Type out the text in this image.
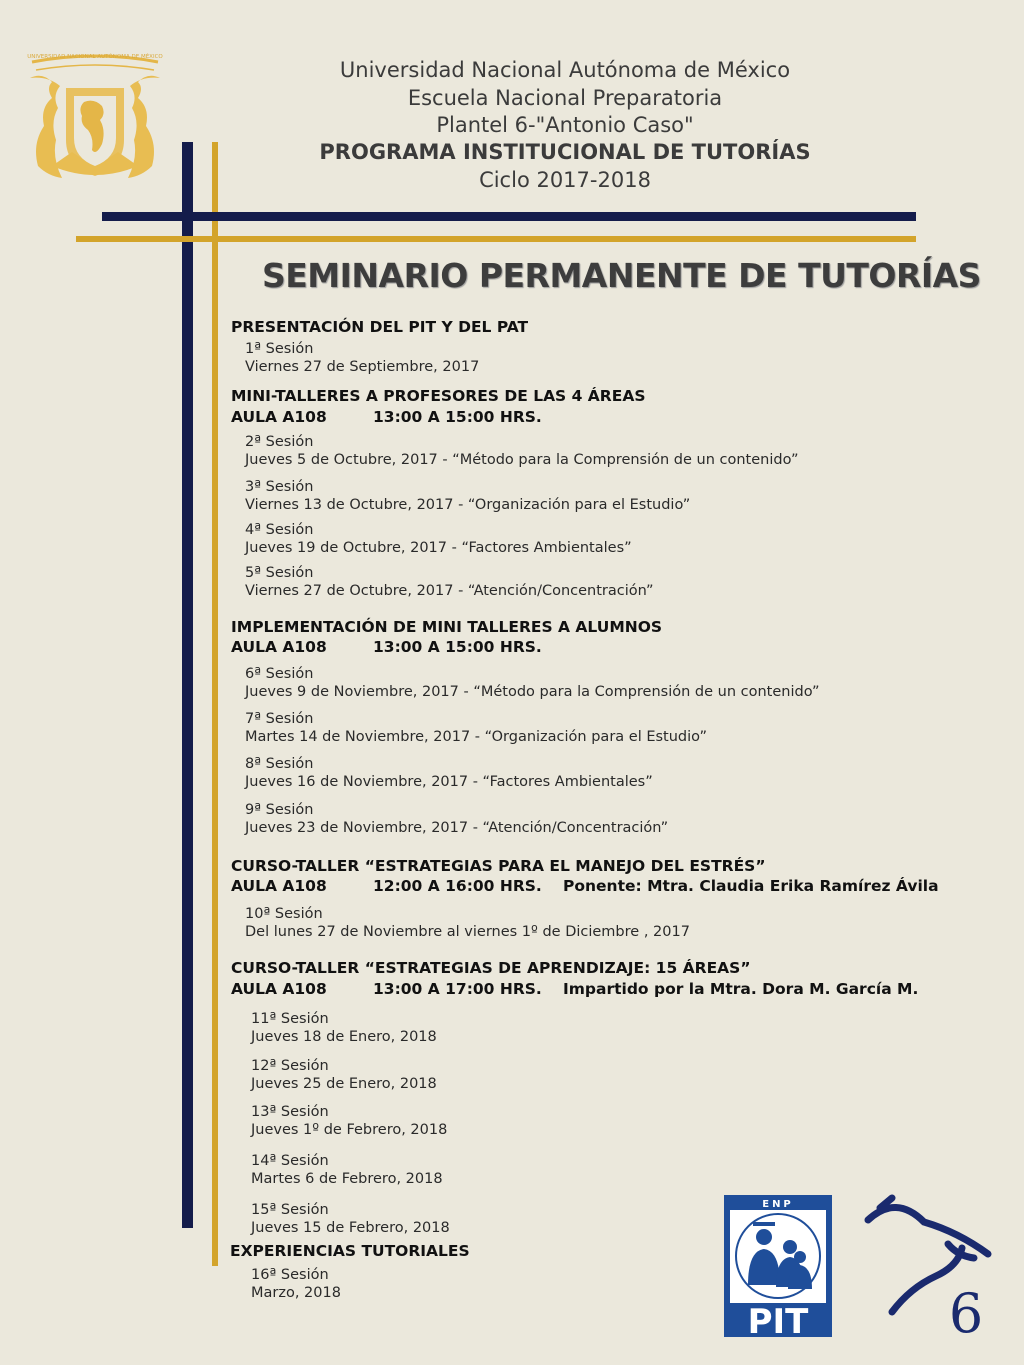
UNIVERSIDAD NACIONAL AUTÓNOMA DE MÉXICO
Universidad Nacional Autónoma de México
Escuela Nacional Preparatoria
Plantel 6-"Antonio Caso"
PROGRAMA INSTITUCIONAL DE TUTORÍAS
Ciclo 2017-2018
SEMINARIO PERMANENTE DE TUTORÍAS
PRESENTACIÓN DEL PIT Y DEL PAT
1ª Sesión
Viernes 27 de Septiembre, 2017
MINI-TALLERES A PROFESORES DE LAS 4 ÁREAS
AULA A108	13:00 A 15:00 HRS.
2ª Sesión
Jueves 5 de Octubre, 2017 - “Método para la Comprensión de un contenido”
3ª Sesión
Viernes 13 de Octubre, 2017 - “Organización para el Estudio”
4ª Sesión
Jueves 19 de Octubre, 2017 - “Factores Ambientales”
5ª Sesión
Viernes 27 de Octubre, 2017 - “Atención/Concentración”
IMPLEMENTACIÓN DE MINI TALLERES A ALUMNOS
AULA A108	13:00 A 15:00 HRS.
6ª Sesión
Jueves 9 de Noviembre, 2017 - “Método para la Comprensión de un contenido”
7ª Sesión
Martes 14 de Noviembre, 2017 - “Organización para el Estudio”
8ª Sesión
Jueves 16 de Noviembre, 2017 - “Factores Ambientales”
9ª Sesión
Jueves 23 de Noviembre, 2017 - “Atención/Concentración”
CURSO-TALLER “ESTRATEGIAS PARA EL MANEJO DEL ESTRÉS”
AULA A108	12:00 A 16:00 HRS. Ponente: Mtra. Claudia Erika Ramírez Ávila
10ª Sesión
Del lunes 27 de Noviembre al viernes 1º de Diciembre , 2017
CURSO-TALLER “ESTRATEGIAS DE APRENDIZAJE: 15 ÁREAS”
AULA A108	13:00 A 17:00 HRS. Impartido por la Mtra. Dora M. García M.
11ª Sesión
Jueves 18 de Enero, 2018
12ª Sesión
Jueves 25 de Enero, 2018
13ª Sesión
Jueves 1º de Febrero, 2018
14ª Sesión
Martes 6 de Febrero, 2018
15ª Sesión
Jueves 15 de Febrero, 2018
EXPERIENCIAS TUTORIALES
16ª Sesión
Marzo, 2018
ENP
PIT	6
